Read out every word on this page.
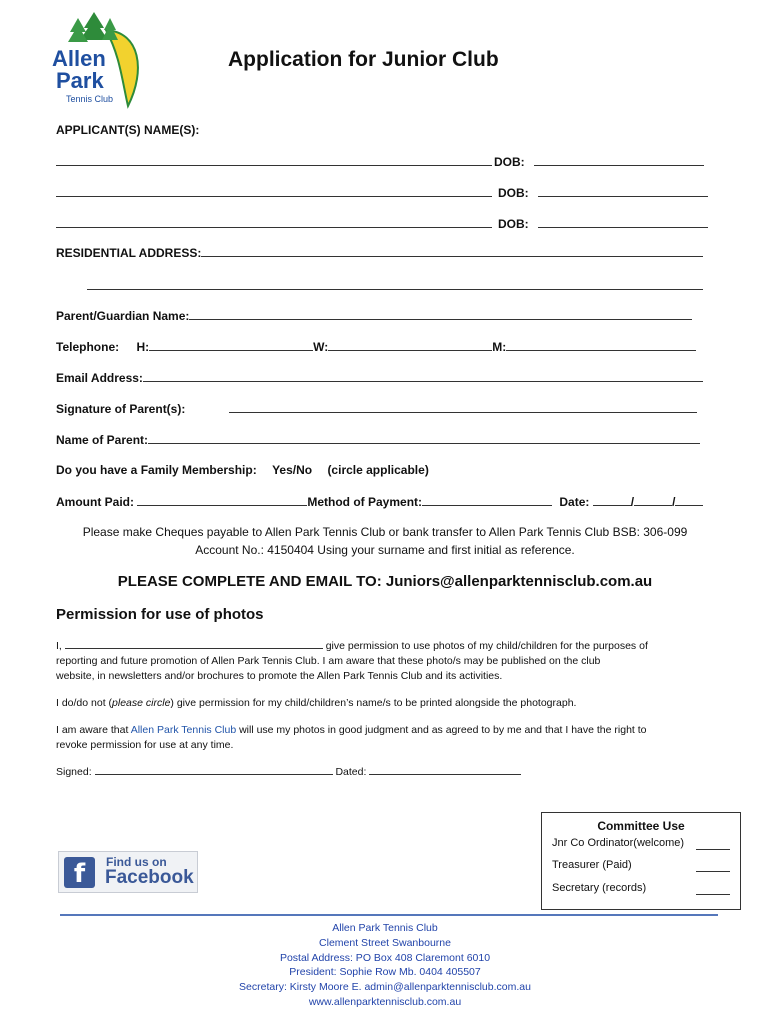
Allen
Park
Tennis Club
Application for Junior Club
APPLICANT(S) NAME(S):
DOB:
DOB:
DOB:
RESIDENTIAL ADDRESS:
Parent/Guardian Name:
Telephone: H:	W:	M:
Email Address:
Signature of Parent(s):
Name of Parent:
Do you have a Family Membership: Yes/No (circle applicable)
Amount Paid:	Method of Payment:	Date:	/	/
Please make Cheques payable to Allen Park Tennis Club or bank transfer to Allen Park Tennis Club BSB: 306-099
Account No.: 4150404 Using your surname and first initial as reference.
PLEASE COMPLETE AND EMAIL TO: Juniors@allenparktennisclub.com.au
Permission for use of photos
I,	give permission to use photos of my child/children for the purposes of
reporting and future promotion of Allen Park Tennis Club. I am aware that these photo/s may be published on the club
website, in newsletters and/or brochures to promote the Allen Park Tennis Club and its activities.
I do/do not (please circle) give permission for my child/children’s name/s to be printed alongside the photograph.
I am aware that Allen Park Tennis Club will use my photos in good judgment and as agreed to by me and that I have the right to
revoke permission for use at any time.
Signed:	Dated:
Committee Use
Jnr Co Ordinator(welcome)
Treasurer (Paid)
Secretary (records)
f	Find us on
Facebook
Allen Park Tennis Club
Clement Street Swanbourne
Postal Address: PO Box 408 Claremont 6010
President: Sophie Row Mb. 0404 405507
Secretary: Kirsty Moore E. admin@allenparktennisclub.com.au
www.allenparktennisclub.com.au
